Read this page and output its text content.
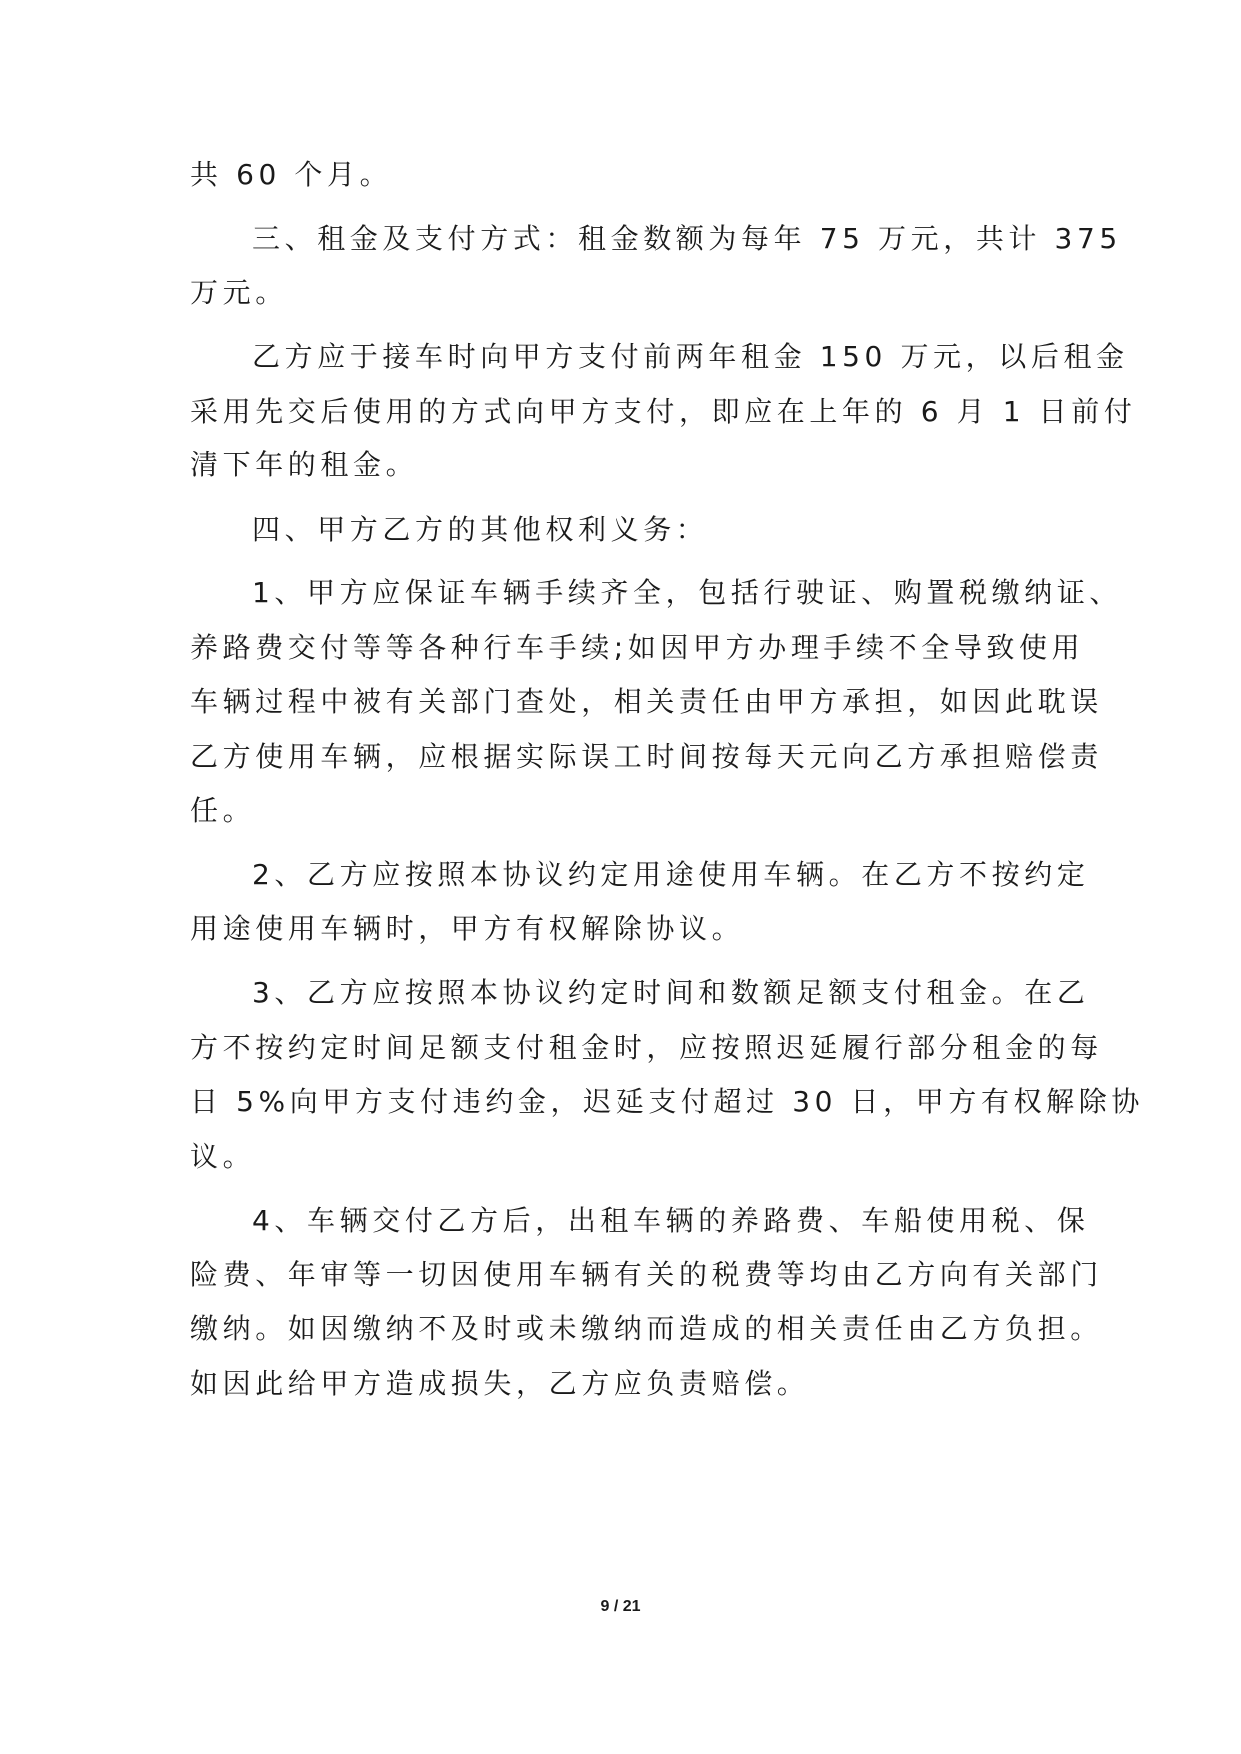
共 60 个月。
三、租金及支付方式：租金数额为每年 75 万元，共计 375
万元。
乙方应于接车时向甲方支付前两年租金 150 万元，以后租金
采用先交后使用的方式向甲方支付，即应在上年的 6 月 1 日前付
清下年的租金。
四、甲方乙方的其他权利义务：
1、甲方应保证车辆手续齐全，包括行驶证、购置税缴纳证、
养路费交付等等各种行车手续;如因甲方办理手续不全导致使用
车辆过程中被有关部门查处，相关责任由甲方承担，如因此耽误
乙方使用车辆，应根据实际误工时间按每天元向乙方承担赔偿责
任。
2、乙方应按照本协议约定用途使用车辆。在乙方不按约定
用途使用车辆时，甲方有权解除协议。
3、乙方应按照本协议约定时间和数额足额支付租金。在乙
方不按约定时间足额支付租金时，应按照迟延履行部分租金的每
日 5%向甲方支付违约金，迟延支付超过 30 日，甲方有权解除协
议。
4、车辆交付乙方后，出租车辆的养路费、车船使用税、保
险费、年审等一切因使用车辆有关的税费等均由乙方向有关部门
缴纳。如因缴纳不及时或未缴纳而造成的相关责任由乙方负担。
如因此给甲方造成损失，乙方应负责赔偿。
9 / 21
